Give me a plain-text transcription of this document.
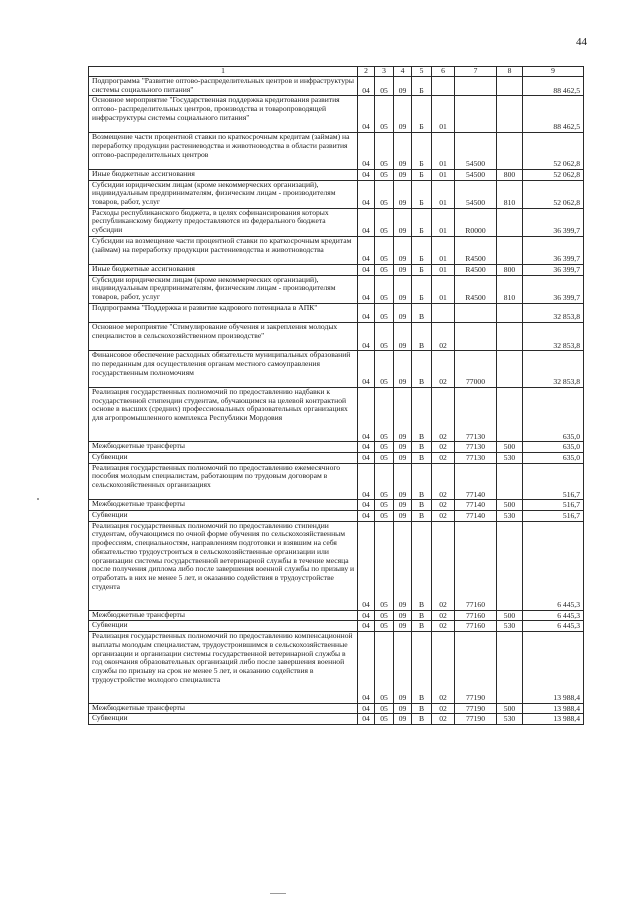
44
1	2	3	4	5	6	7	8	9
Подпрограмма "Развитие оптово-распределительных центров и инфраструктуры системы социального питания"	04	05	09	Б				88 462,5
Основное мероприятие "Государственная поддержка кредитования развития оптово- распределительных центров, производства и товаропроводящей инфраструктуры системы социального питания"	04	05	09	Б	01			88 462,5
Возмещение части процентной ставки по краткосрочным кредитам (займам) на переработку продукции растениеводства и животноводства в области развития оптово-распределительных центров	04	05	09	Б	01	54500		52 062,8
Иные бюджетные ассигнования	04	05	09	Б	01	54500	800	52 062,8
Субсидии юридическим лицам (кроме некоммерческих организаций), индивидуальным предпринимателям, физическим лицам - производителям товаров, работ, услуг	04	05	09	Б	01	54500	810	52 062,8
Расходы республиканского бюджета, в целях софинансирования которых республиканскому бюджету предоставляются из федерального бюджета субсидии	04	05	09	Б	01	R0000		36 399,7
Субсидии на возмещение части процентной ставки по краткосрочным кредитам (займам) на переработку продукции растениеводства и животноводства	04	05	09	Б	01	R4500		36 399,7
Иные бюджетные ассигнования	04	05	09	Б	01	R4500	800	36 399,7
Субсидии юридическим лицам (кроме некоммерческих организаций), индивидуальным предпринимателям, физическим лицам - производителям товаров, работ, услуг	04	05	09	Б	01	R4500	810	36 399,7
Подпрограмма "Поддержка и развитие кадрового потенциала в АПК"	04	05	09	В				32 853,8
Основное мероприятие "Стимулирование обучения и закрепления молодых специалистов в сельскохозяйственном производстве"	04	05	09	В	02			32 853,8
Финансовое обеспечение расходных обязательств муниципальных образований по переданным для осуществления органам местного самоуправления государственным полномочиям	04	05	09	В	02	77000		32 853,8
Реализация государственных полномочий по предоставлению надбавки к государственной стипендии студентам, обучающимся на целевой контрактной основе в высших (средних) профессиональных образовательных организациях для агропромышленного комплекса Республики Мордовия	04	05	09	В	02	77130		635,0
Межбюджетные трансферты	04	05	09	В	02	77130	500	635,0
Субвенции	04	05	09	В	02	77130	530	635,0
Реализация государственных полномочий по предоставлению ежемесячного пособия молодым специалистам, работающим по трудовым договорам в сельскохозяйственных организациях	04	05	09	В	02	77140		516,7
Межбюджетные трансферты	04	05	09	В	02	77140	500	516,7
Субвенции	04	05	09	В	02	77140	530	516,7
Реализация государственных полномочий по предоставлению стипендии студентам, обучающимся по очной форме обучения по сельскохозяйственным профессиям, специальностям, направлениям подготовки и взявшим на себя обязательство трудоустроиться в сельскохозяйственные организации или организации системы государственной ветеринарной службы в течение месяца после получения диплома либо после завершения военной службы по призыву и отработать в них не менее 5 лет, и оказанию содействия в трудоустройстве студента	04	05	09	В	02	77160		6 445,3
Межбюджетные трансферты	04	05	09	В	02	77160	500	6 445,3
Субвенции	04	05	09	В	02	77160	530	6 445,3
Реализация государственных полномочий по предоставлению компенсационной выплаты молодым специалистам, трудоустроившимся в сельскохозяйственные организации и организации системы государственной ветеринарной службы в год окончания образовательных организаций либо после завершения военной службы по призыву на срок не менее 5 лет, и оказанию содействия в трудоустройстве молодого специалиста	04	05	09	В	02	77190		13 988,4
Межбюджетные трансферты	04	05	09	В	02	77190	500	13 988,4
Субвенции	04	05	09	В	02	77190	530	13 988,4
